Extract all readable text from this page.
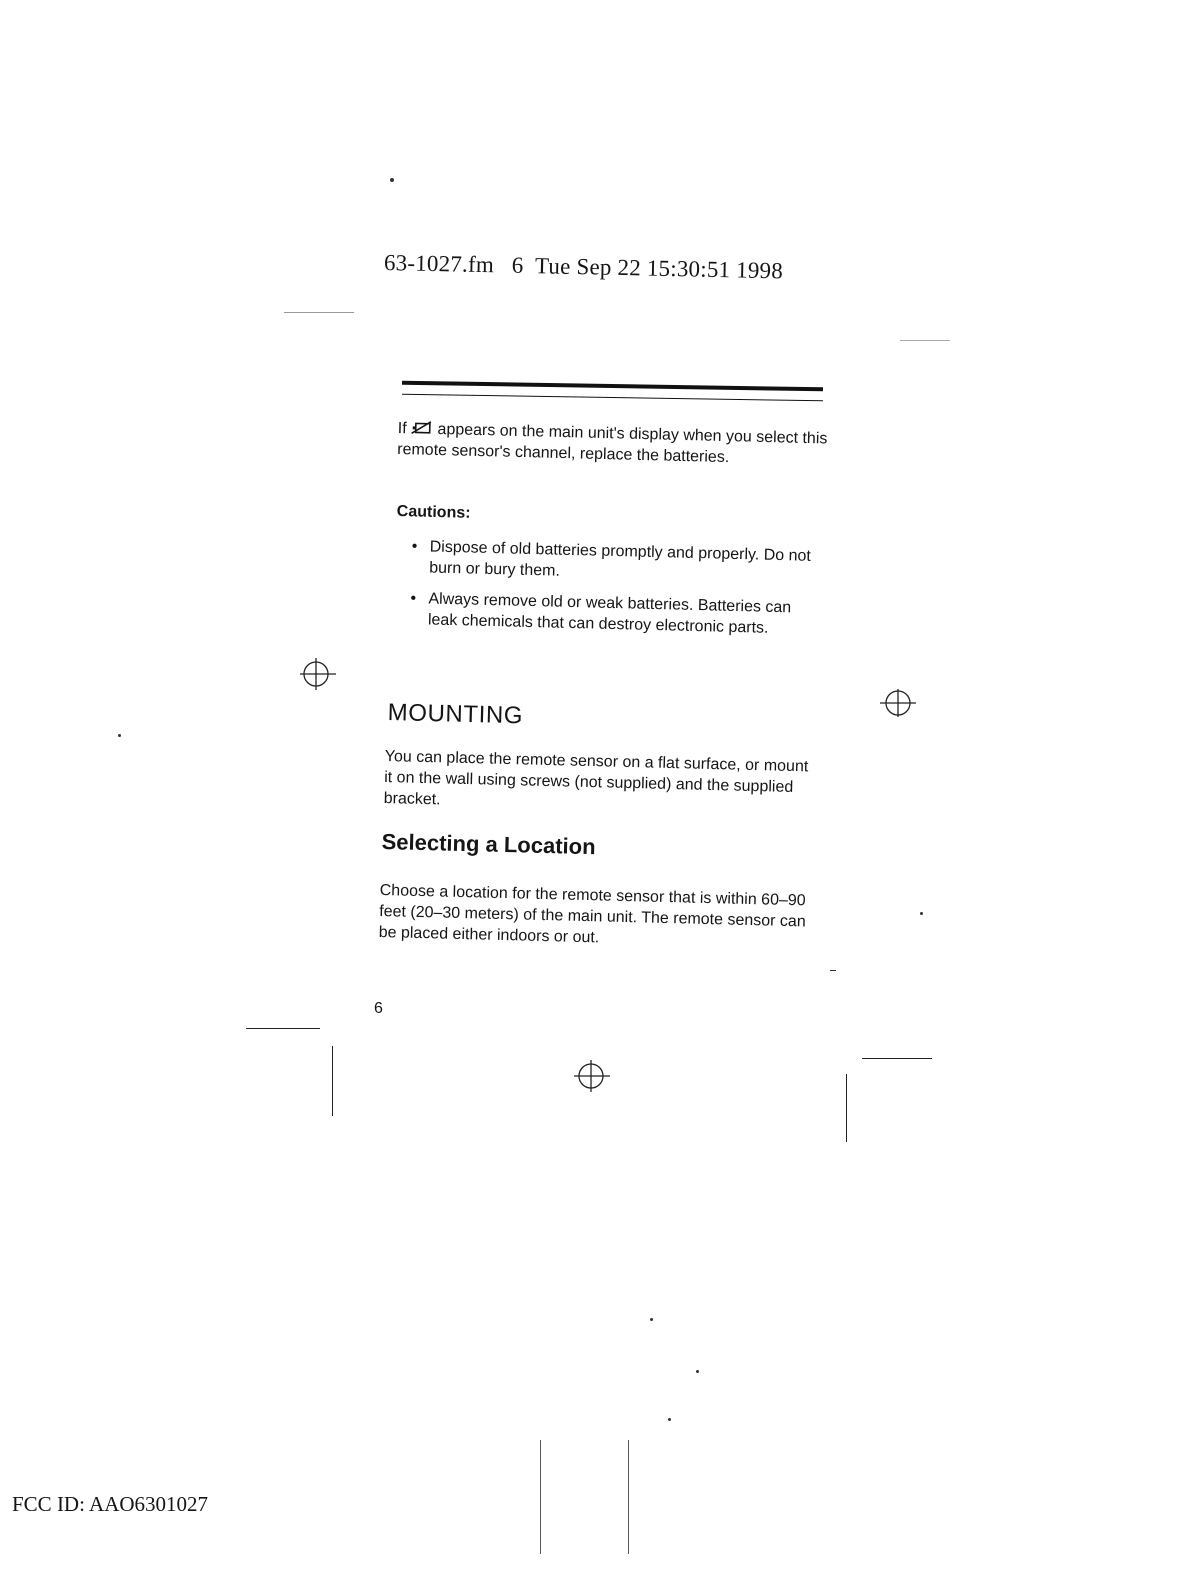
63-1027.fm 6 Tue Sep 22 15:30:51 1998
If appears on the main unit's display when you select this remote sensor's channel, replace the batteries.
Cautions:
• Dispose of old batteries promptly and properly. Do not burn or bury them.
• Always remove old or weak batteries. Batteries can leak chemicals that can destroy electronic parts.
MOUNTING
You can place the remote sensor on a flat surface, or mount it on the wall using screws (not supplied) and the supplied bracket.
Selecting a Location
Choose a location for the remote sensor that is within 60–90 feet (20–30 meters) of the main unit. The remote sensor can be placed either indoors or out.
6
FCC ID: AAO6301027
